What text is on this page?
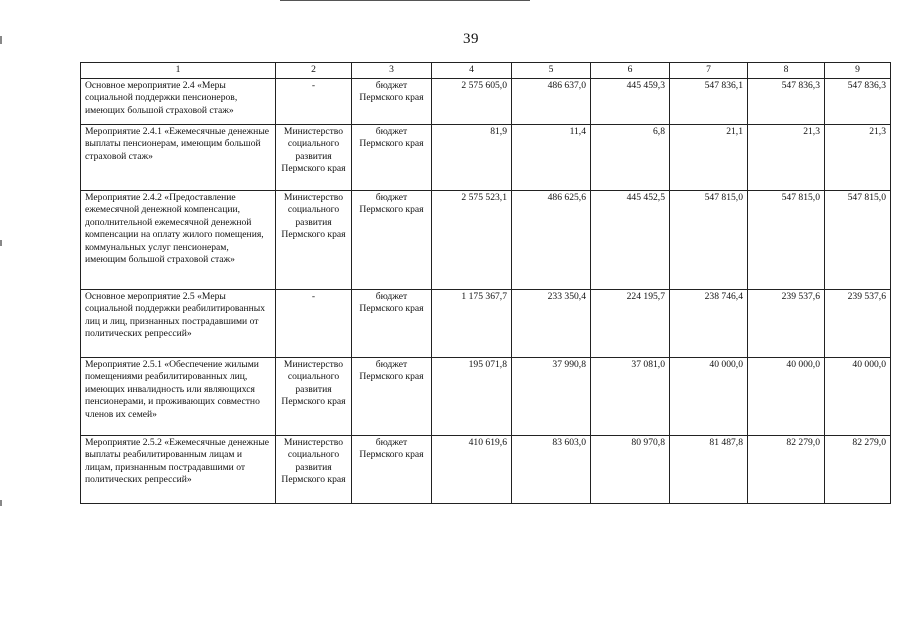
39
1	2	3	4	5	6	7	8	9
Основное мероприятие 2.4 «Меры социальной поддержки пенсионеров, имеющих большой страховой стаж»	-	бюджет Пермского края	2 575 605,0	486 637,0	445 459,3	547 836,1	547 836,3	547 836,3
Мероприятие 2.4.1 «Ежемесячные денежные выплаты пенсионерам, имеющим большой страховой стаж»	Министерство социального развития Пермского края	бюджет Пермского края	81,9	11,4	6,8	21,1	21,3	21,3
Мероприятие 2.4.2 «Предоставление ежемесячной денежной компенсации, дополнительной ежемесячной денежной компенсации на оплату жилого помещения, коммунальных услуг пенсионерам, имеющим большой страховой стаж»	Министерство социального развития Пермского края	бюджет Пермского края	2 575 523,1	486 625,6	445 452,5	547 815,0	547 815,0	547 815,0
Основное мероприятие 2.5 «Меры социальной поддержки реабилитированных лиц и лиц, признанных пострадавшими от политических репрессий»	-	бюджет Пермского края	1 175 367,7	233 350,4	224 195,7	238 746,4	239 537,6	239 537,6
Мероприятие 2.5.1 «Обеспечение жилыми помещениями реабилитированных лиц, имеющих инвалидность или являющихся пенсионерами, и проживающих совместно членов их семей»	Министерство социального развития Пермского края	бюджет Пермского края	195 071,8	37 990,8	37 081,0	40 000,0	40 000,0	40 000,0
Мероприятие 2.5.2 «Ежемесячные денежные выплаты реабилитированным лицам и лицам, признанным пострадавшими от политических репрессий»	Министерство социального развития Пермского края	бюджет Пермского края	410 619,6	83 603,0	80 970,8	81 487,8	82 279,0	82 279,0
